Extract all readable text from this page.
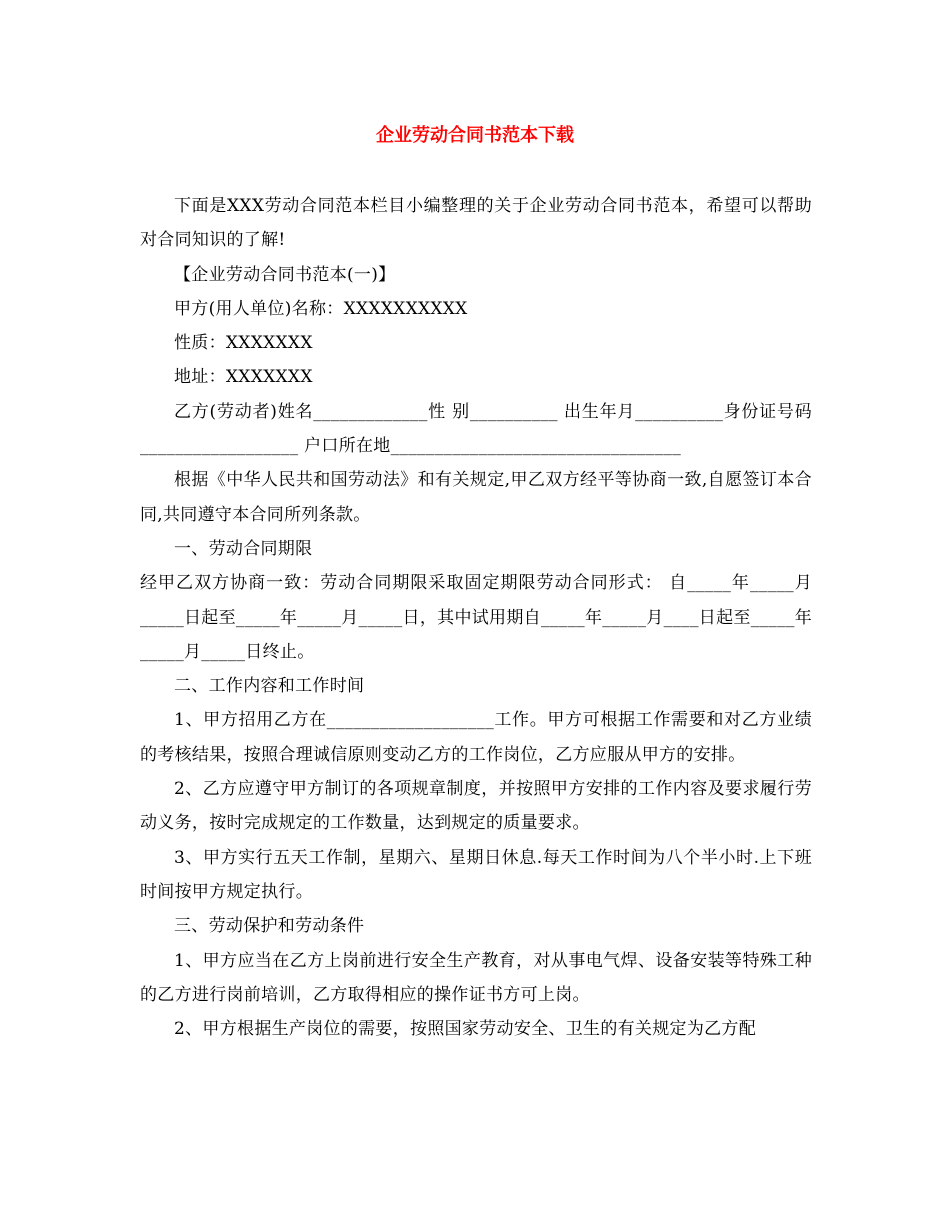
企业劳动合同书范本下载

下面是XXX劳动合同范本栏目小编整理的关于企业劳动合同书范本，希望可以帮助对合同知识的了解!

【企业劳动合同书范本(一)】

甲方(用人单位)名称：XXXXXXXXXX

性质：XXXXXXX

地址：XXXXXXX

乙方(劳动者)姓名_____________性 别__________ 出生年月__________身份证号码__________________ 户口所在地_________________________________

根据《中华人民共和国劳动法》和有关规定,甲乙双方经平等协商一致,自愿签订本合同,共同遵守本合同所列条款。

一、劳动合同期限

经甲乙双方协商一致：劳动合同期限采取固定期限劳动合同形式： 自_____年_____月_____日起至_____年_____月_____日，其中试用期自_____年_____月____日起至_____年_____月_____日终止。

二、工作内容和工作时间

1、甲方招用乙方在___________________工作。甲方可根据工作需要和对乙方业绩的考核结果，按照合理诚信原则变动乙方的工作岗位，乙方应服从甲方的安排。

2、乙方应遵守甲方制订的各项规章制度，并按照甲方安排的工作内容及要求履行劳动义务，按时完成规定的工作数量，达到规定的质量要求。

3、甲方实行五天工作制，星期六、星期日休息.每天工作时间为八个半小时.上下班时间按甲方规定执行。

三、劳动保护和劳动条件

1、甲方应当在乙方上岗前进行安全生产教育，对从事电气焊、设备安装等特殊工种的乙方进行岗前培训，乙方取得相应的操作证书方可上岗。

2、甲方根据生产岗位的需要，按照国家劳动安全、卫生的有关规定为乙方配
